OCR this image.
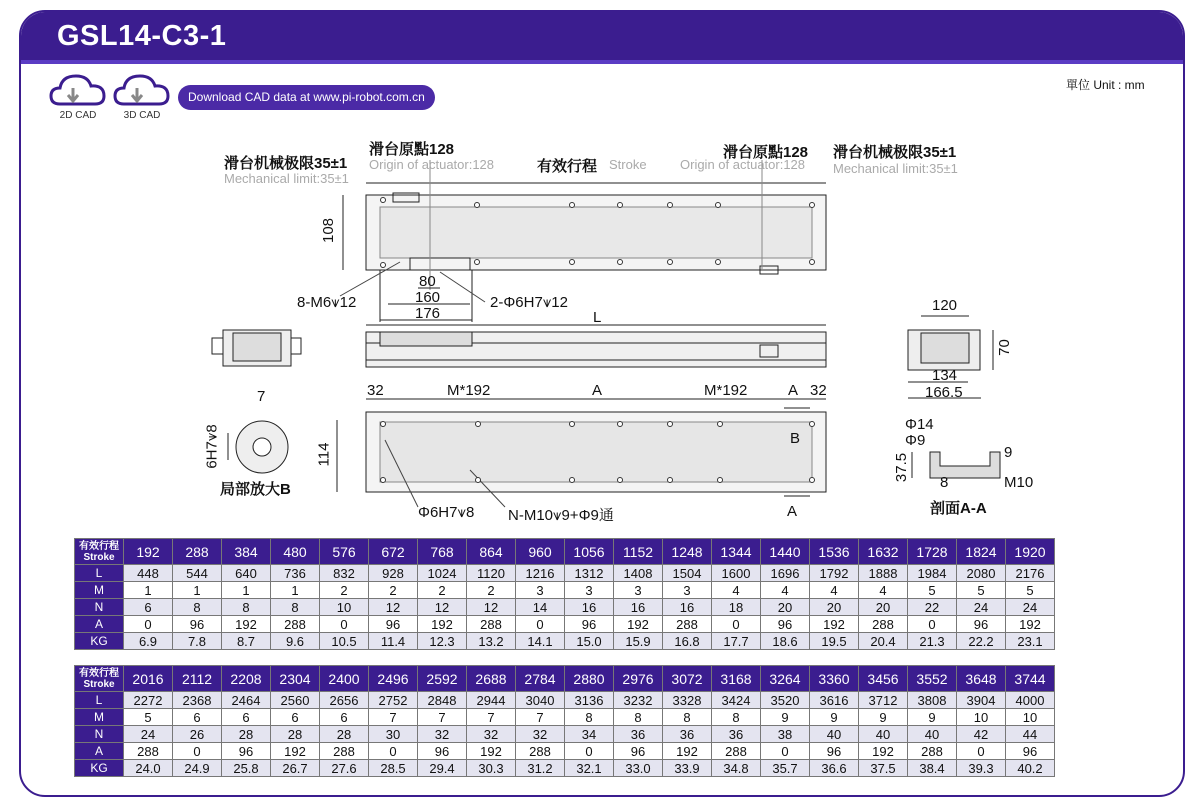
GSL14-C3-1
2D CAD	3D CAD
Download CAD data at www.pi-robot.com.cn
單位 Unit : mm
滑台机械极限35±1
Mechanical limit:35±1
滑台原點128
Origin of actuator:128	有效行程 Stroke
滑台原點128
Origin of actuator:128
滑台机械极限35±1
Mechanical limit:35±1
108
80
160
176
8-M6⩛12	2-Φ6H7⩛12
L
120
70
134
166.5
32	M*192	A	M*192	A 32
114
7
6H7⩛8
局部放大B
B
Φ6H7⩛8 N-M10⩛9+Φ9通	A
Φ14
Φ9
37.5
9
8	M10
剖面A-A
有效行程
Stroke	192	288	384	480	576	672	768	864	960	1056	1152	1248	1344	1440	1536	1632	1728	1824	1920
L	448	544	640	736	832	928	1024	1120	1216	1312	1408	1504	1600	1696	1792	1888	1984	2080	2176
M	1	1	1	1	2	2	2	2	3	3	3	3	4	4	4	4	5	5	5
N	6	8	8	8	10	12	12	12	14	16	16	16	18	20	20	20	22	24	24
A	0	96	192	288	0	96	192	288	0	96	192	288	0	96	192	288	0	96	192
KG	6.9	7.8	8.7	9.6	10.5	11.4	12.3	13.2	14.1	15.0	15.9	16.8	17.7	18.6	19.5	20.4	21.3	22.2	23.1
有效行程
Stroke	2016	2112	2208	2304	2400	2496	2592	2688	2784	2880	2976	3072	3168	3264	3360	3456	3552	3648	3744
L	2272	2368	2464	2560	2656	2752	2848	2944	3040	3136	3232	3328	3424	3520	3616	3712	3808	3904	4000
M	5	6	6	6	6	7	7	7	7	8	8	8	8	9	9	9	9	10	10
N	24	26	28	28	28	30	32	32	32	34	36	36	36	38	40	40	40	42	44
A	288	0	96	192	288	0	96	192	288	0	96	192	288	0	96	192	288	0	96
KG	24.0	24.9	25.8	26.7	27.6	28.5	29.4	30.3	31.2	32.1	33.0	33.9	34.8	35.7	36.6	37.5	38.4	39.3	40.2
